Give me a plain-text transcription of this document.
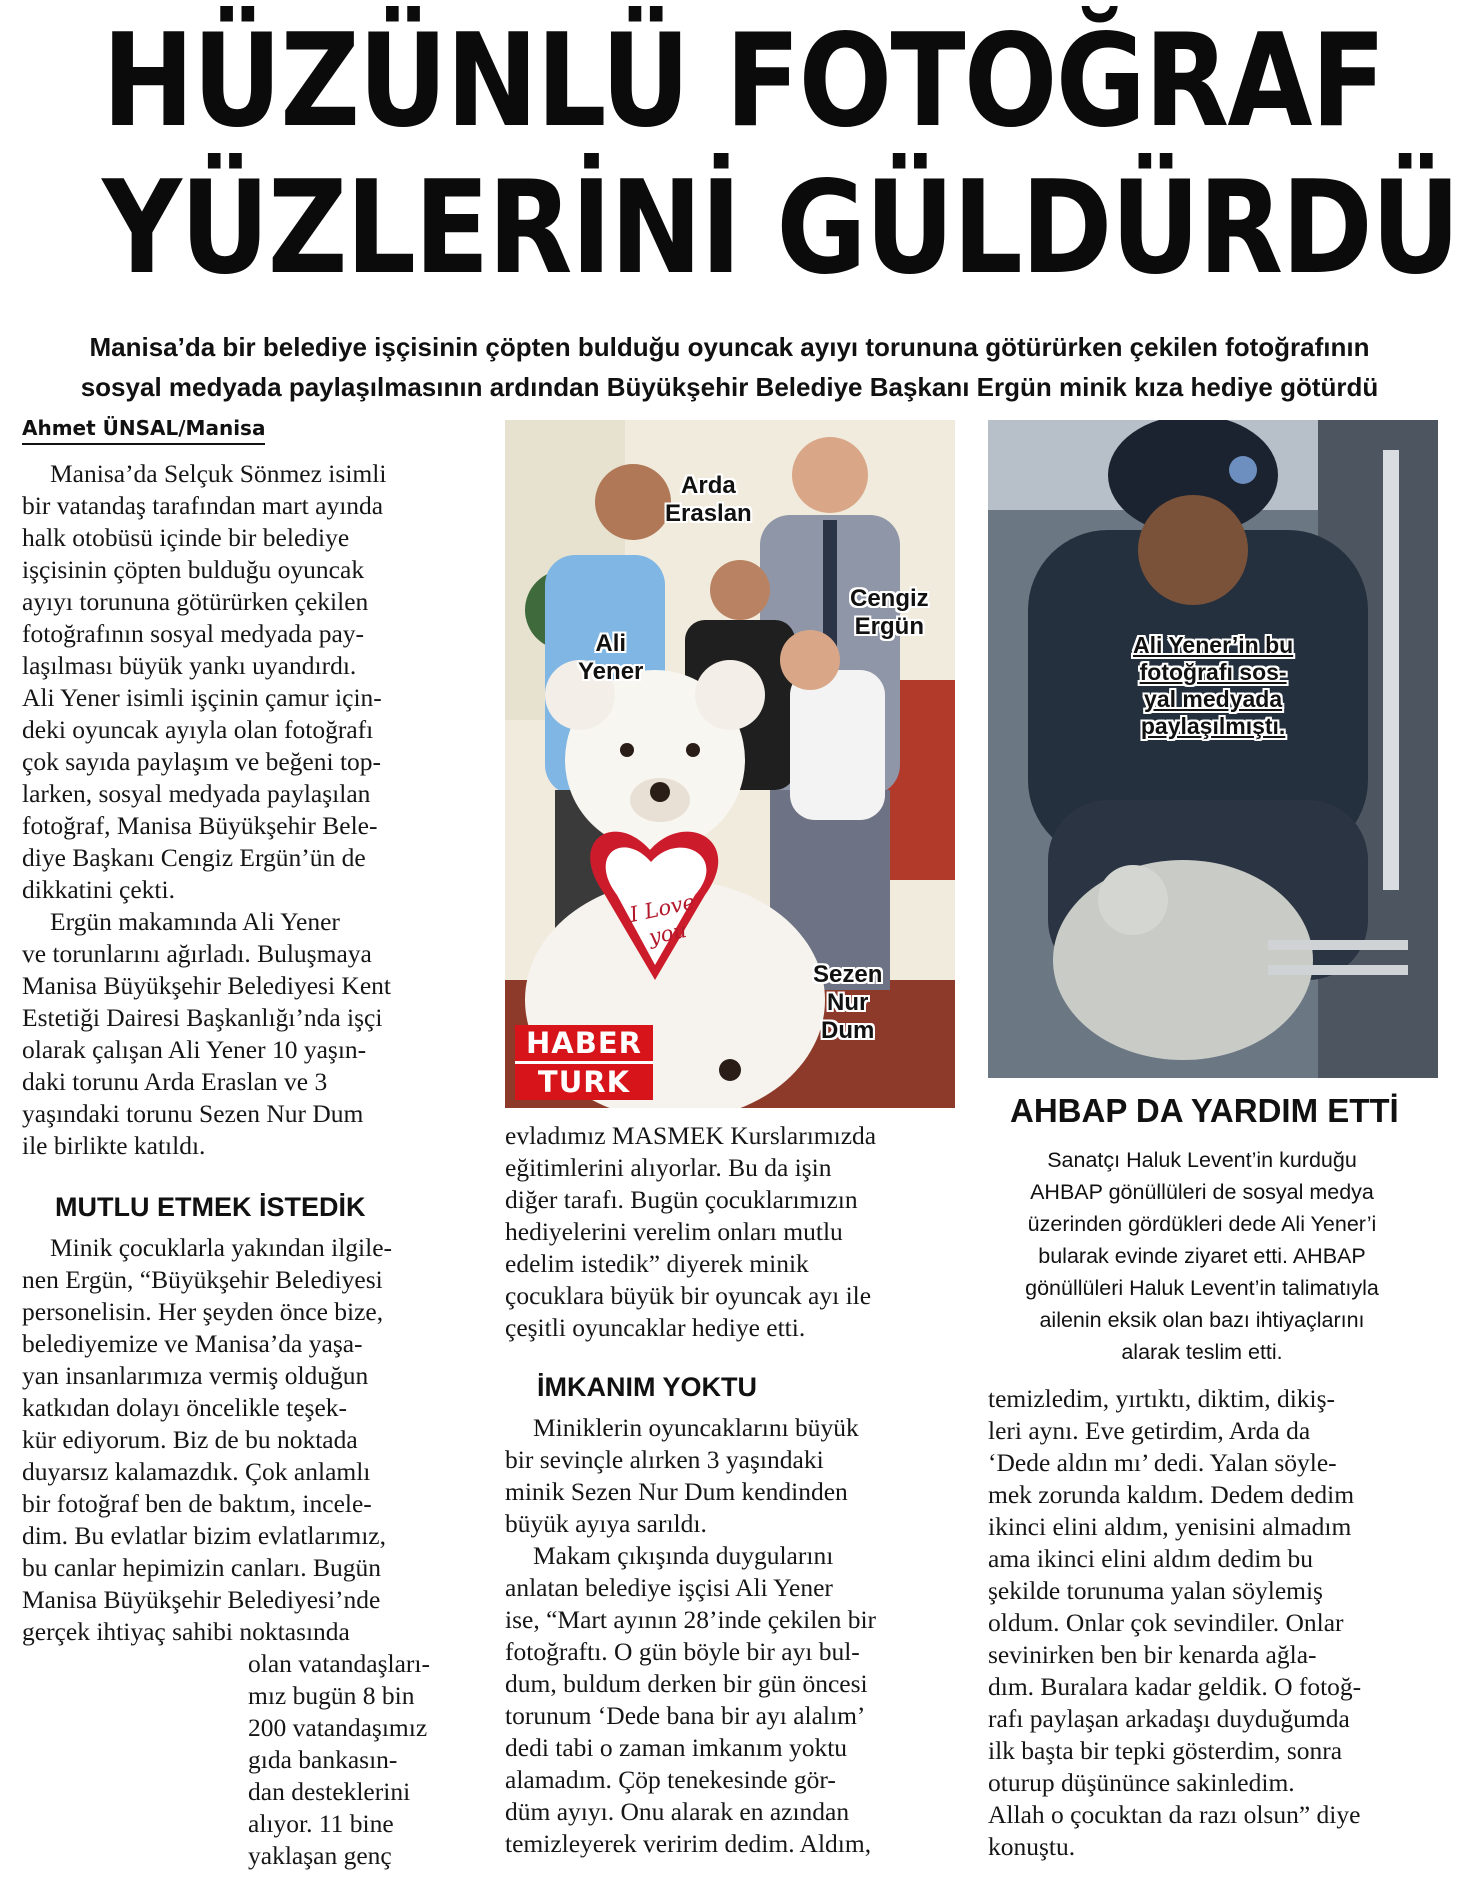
HÜZÜNLÜ FOTOĞRAF
YÜZLERİNİ GÜLDÜRDÜ
Manisa’da bir belediye işçisinin çöpten bulduğu oyuncak ayıyı torununa götürürken çekilen fotoğrafının
sosyal medyada paylaşılmasının ardından Büyükşehir Belediye Başkanı Ergün minik kıza hediye götürdü
Ahmet ÜNSAL/Manisa

Manisa’da Selçuk Sönmez isimli

bir vatandaş tarafından mart ayında

halk otobüsü içinde bir belediye

işçisinin çöpten bulduğu oyuncak

ayıyı torununa götürürken çekilen

fotoğrafının sosyal medyada pay-

laşılması büyük yankı uyandırdı.

Ali Yener isimli işçinin çamur için-

deki oyuncak ayıyla olan fotoğrafı

çok sayıda paylaşım ve beğeni top-

larken, sosyal medyada paylaşılan

fotoğraf, Manisa Büyükşehir Bele-

diye Başkanı Cengiz Ergün’ün de

dikkatini çekti.

Ergün makamında Ali Yener

ve torunlarını ağırladı. Buluşmaya

Manisa Büyükşehir Belediyesi Kent

Estetiği Dairesi Başkanlığı’nda işçi

olarak çalışan Ali Yener 10 yaşın-

daki torunu Arda Eraslan ve 3

yaşındaki torunu Sezen Nur Dum

ile birlikte katıldı.

MUTLU ETMEK İSTEDİK

Minik çocuklarla yakından ilgile-

nen Ergün, “Büyükşehir Belediyesi

personelisin. Her şeyden önce bize,

belediyemize ve Manisa’da yaşa-

yan insanlarımıza vermiş olduğun

katkıdan dolayı öncelikle teşek-

kür ediyorum. Biz de bu noktada

duyarsız kalamazdık. Çok anlamlı

bir fotoğraf ben de baktım, incele-

dim. Bu evlatlar bizim evlatlarımız,

bu canlar hepimizin canları. Bugün

Manisa Büyükşehir Belediyesi’nde

gerçek ihtiyaç sahibi noktasında

olan vatandaşları-

mız bugün 8 bin

200 vatandaşımız

gıda bankasın-

dan desteklerini

alıyor. 11 bine

yaklaşan genç

evladımız MASMEK Kurslarımızda

eğitimlerini alıyorlar. Bu da işin

diğer tarafı. Bugün çocuklarımızın

hediyelerini verelim onları mutlu

edelim istedik” diyerek minik

çocuklara büyük bir oyuncak ayı ile

çeşitli oyuncaklar hediye etti.

İMKANIM YOKTU

Miniklerin oyuncaklarını büyük

bir sevinçle alırken 3 yaşındaki

minik Sezen Nur Dum kendinden

büyük ayıya sarıldı.

Makam çıkışında duygularını

anlatan belediye işçisi Ali Yener

ise, “Mart ayının 28’inde çekilen bir

fotoğraftı. O gün böyle bir ayı bul-

dum, buldum derken bir gün öncesi

torunum ‘Dede bana bir ayı alalım’

dedi tabi o zaman imkanım yoktu

alamadım. Çöp tenekesinde gör-

düm ayıyı. Onu alarak en azından

temizleyerek veririm dedim. Aldım,

temizledim, yırtıktı, diktim, dikiş-

leri aynı. Eve getirdim, Arda da

‘Dede aldın mı’ dedi. Yalan söyle-

mek zorunda kaldım. Dedem dedim

ikinci elini aldım, yenisini almadım

ama ikinci elini aldım dedim bu

şekilde torunuma yalan söylemiş

oldum. Onlar çok sevindiler. Onlar

sevinirken ben bir kenarda ağla-

dım. Buralara kadar geldik. O fotoğ-

rafı paylaşan arkadaşı duyduğumda

ilk başta bir tepki gösterdim, sonra

oturup düşününce sakinledim.

Allah o çocuktan da razı olsun” diye

konuştu.

Arda
Eraslan
Cengiz
Ergün
Ali
Yener
Sezen
Nur
Dum
I Love
you
HABER
TURK
Ali Yener’in bu
fotoğrafı sos-
yal medyada
paylaşılmıştı.
AHBAP DA YARDIM ETTİ

Sanatçı Haluk Levent’in kurduğu

AHBAP gönüllüleri de sosyal medya

üzerinden gördükleri dede Ali Yener’i

bularak evinde ziyaret etti. AHBAP

gönüllüleri Haluk Levent’in talimatıyla

ailenin eksik olan bazı ihtiyaçlarını

alarak teslim etti.
